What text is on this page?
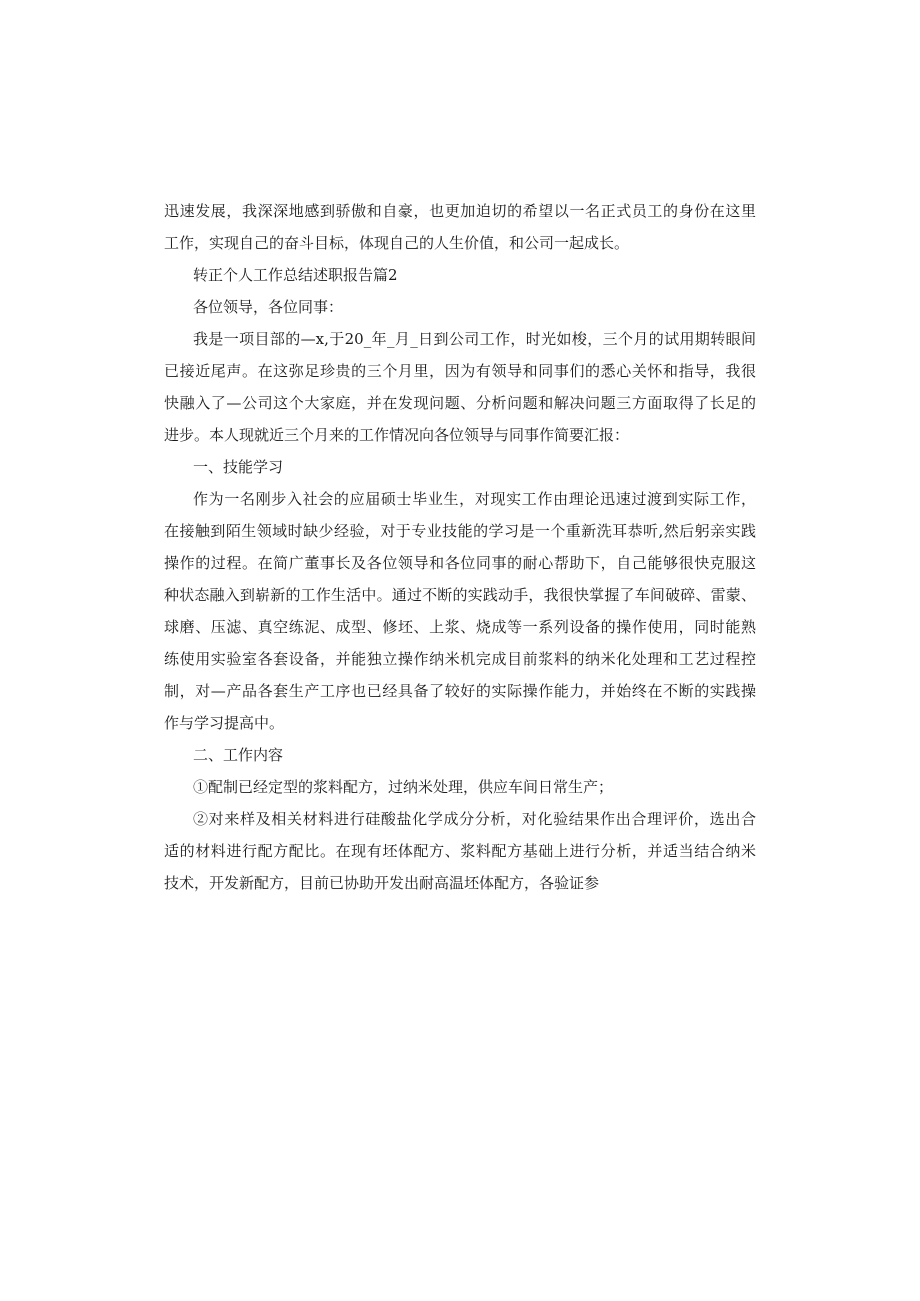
迅速发展，我深深地感到骄傲和自豪，也更加迫切的希望以一名正式员工的身份在这里
工作，实现自己的奋斗目标，体现自己的人生价值，和公司一起成长。
转正个人工作总结述职报告篇2
各位领导，各位同事：
我是一项目部的—x,于20_年_月_日到公司工作，时光如梭，三个月的试用期转眼间
已接近尾声。在这弥足珍贵的三个月里，因为有领导和同事们的悉心关怀和指导，我很
快融入了—公司这个大家庭，并在发现问题、分析问题和解决问题三方面取得了长足的
进步。本人现就近三个月来的工作情况向各位领导与同事作简要汇报：
一、技能学习
作为一名刚步入社会的应届硕士毕业生，对现实工作由理论迅速过渡到实际工作，
在接触到陌生领域时缺少经验，对于专业技能的学习是一个重新洗耳恭听,然后躬亲实践
操作的过程。在简广董事长及各位领导和各位同事的耐心帮助下，自己能够很快克服这
种状态融入到崭新的工作生活中。通过不断的实践动手，我很快掌握了车间破碎、雷蒙、
球磨、压滤、真空练泥、成型、修坯、上浆、烧成等一系列设备的操作使用，同时能熟
练使用实验室各套设备，并能独立操作纳米机完成目前浆料的纳米化处理和工艺过程控
制，对—产品各套生产工序也已经具备了较好的实际操作能力，并始终在不断的实践操
作与学习提高中。
二、工作内容
①配制已经定型的浆料配方，过纳米处理，供应车间日常生产；
②对来样及相关材料进行硅酸盐化学成分分析，对化验结果作出合理评价，选出合
适的材料进行配方配比。在现有坯体配方、浆料配方基础上进行分析，并适当结合纳米
技术，开发新配方，目前已协助开发出耐高温坯体配方，各验证参
